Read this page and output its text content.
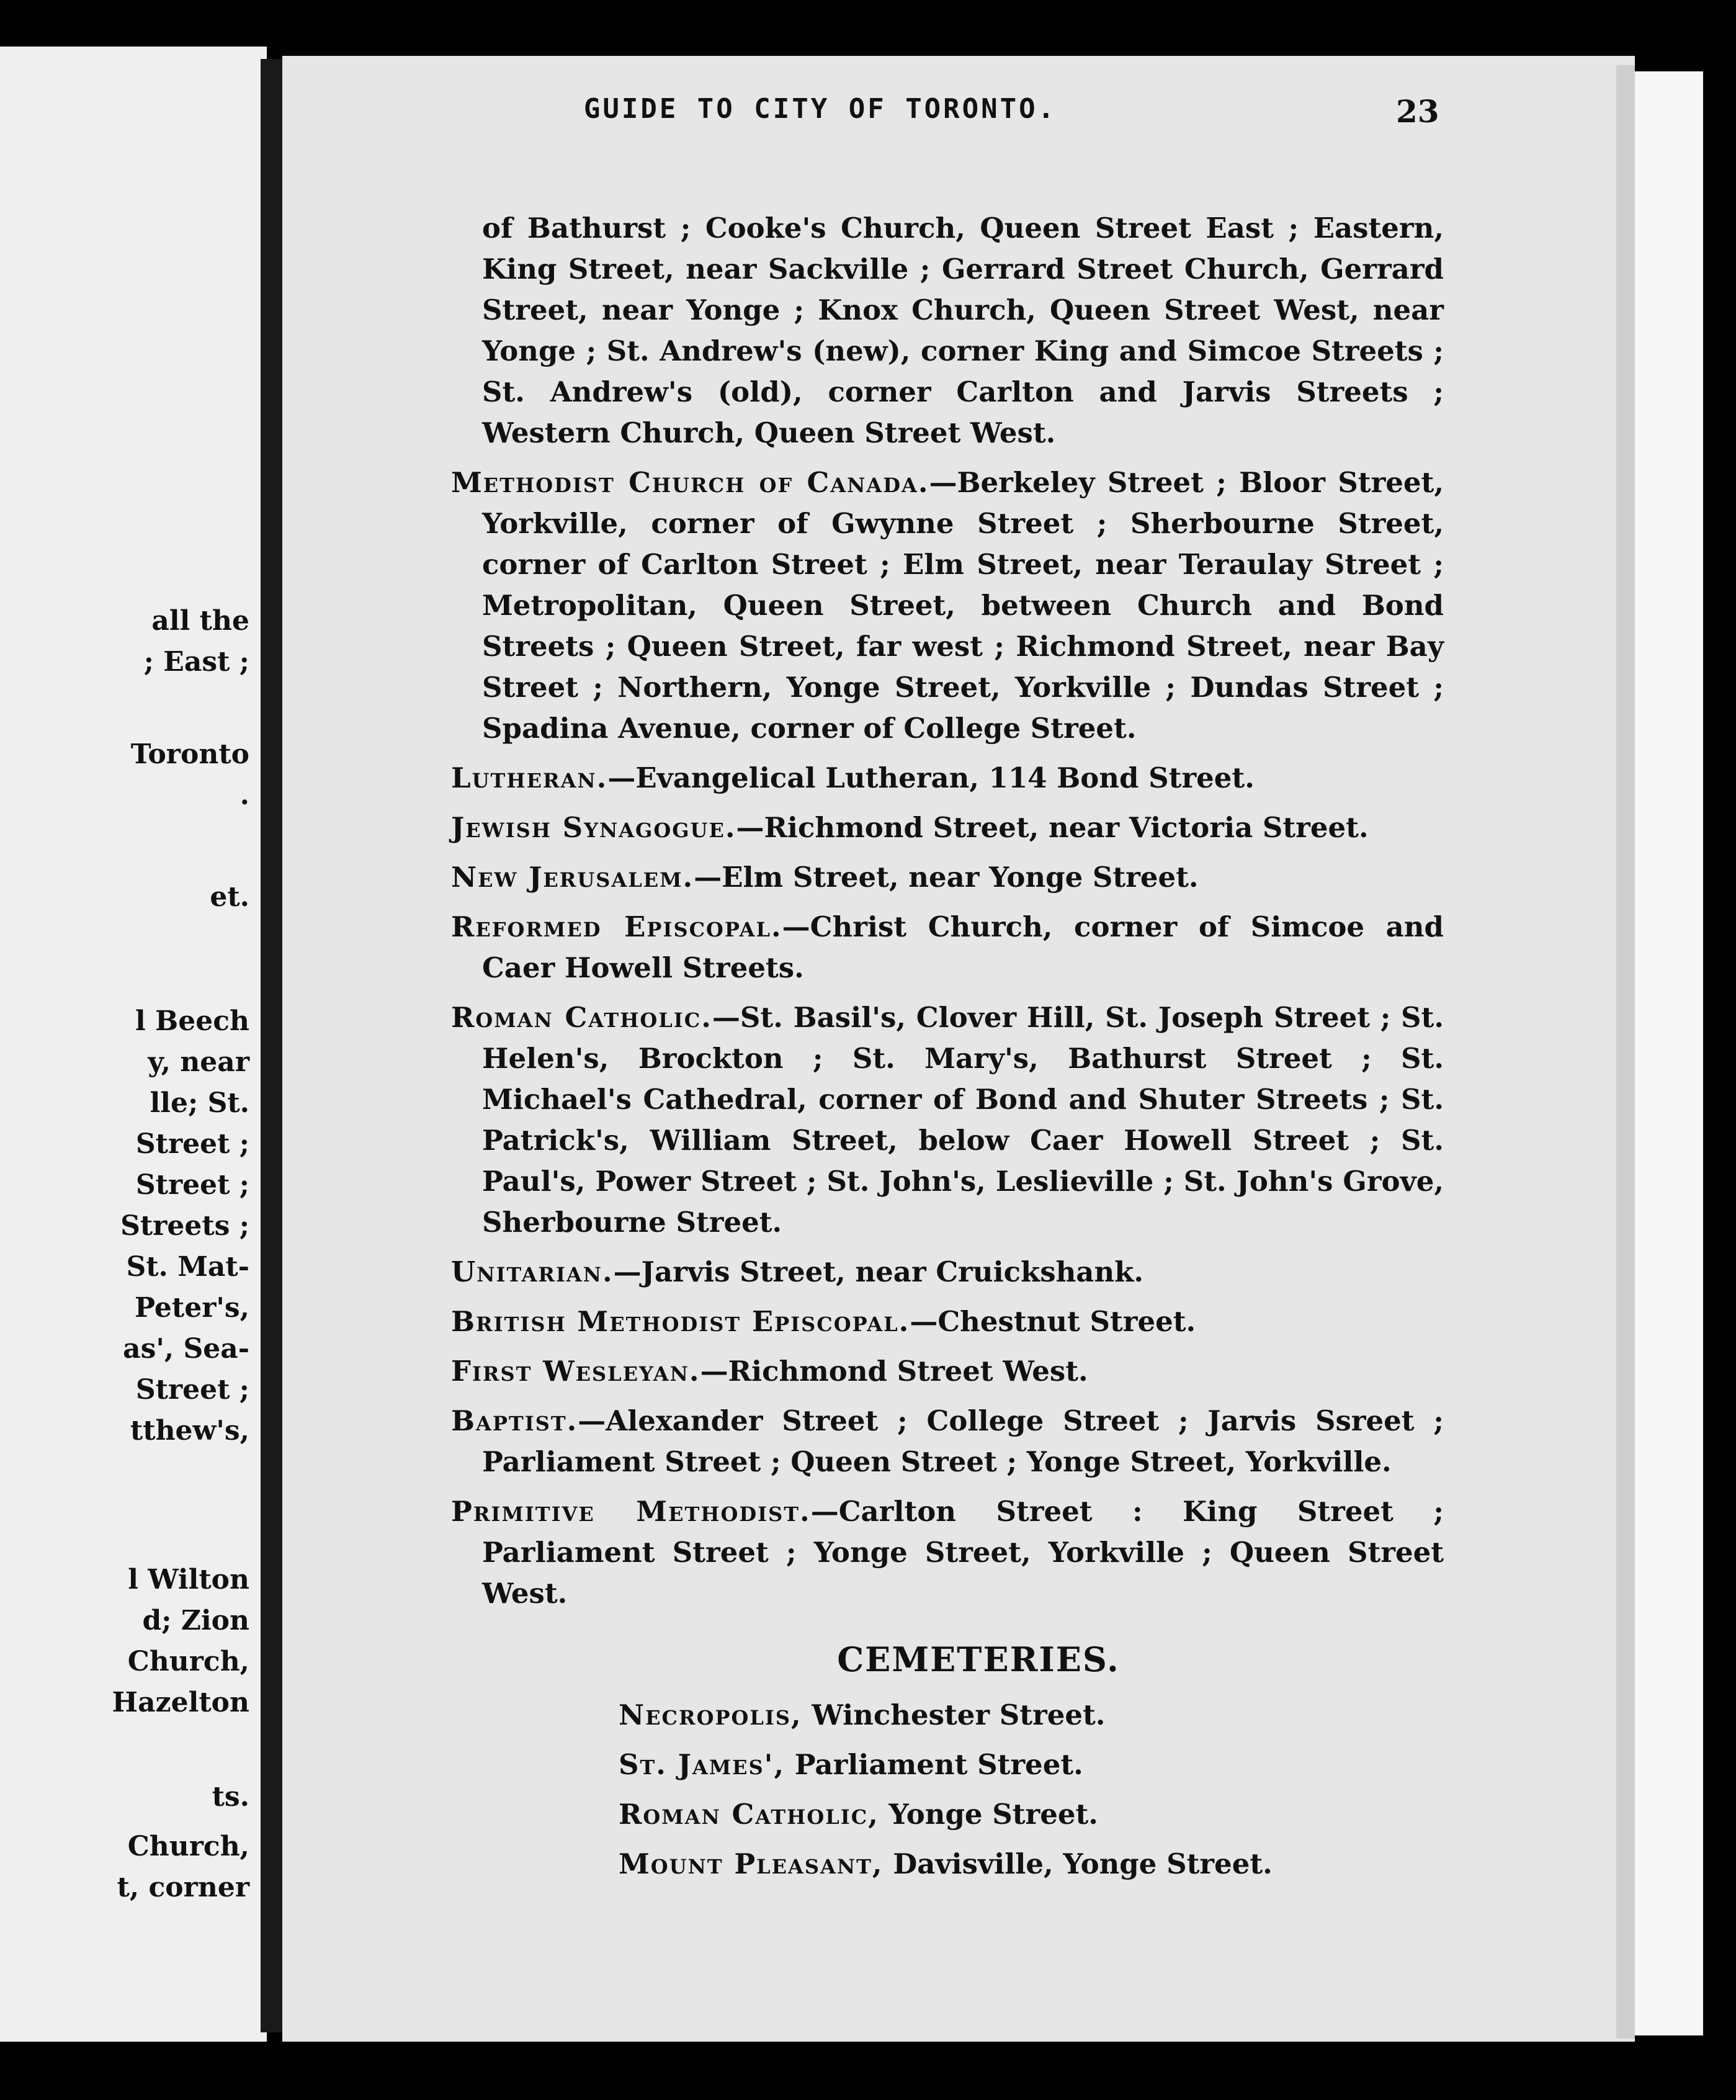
all the
; East ;
Toronto
.
et.
l Beech
y, near
lle; St.
Street ;
Street ;
Streets ;
St. Mat-
Peter's,
as', Sea-
Street ;
tthew's,
l Wilton
d; Zion
Church,
Hazelton
ts.
Church,
t, corner
GUIDE TO CITY OF TORONTO.	23
of Bathurst ; Cooke's Church, Queen Street East ; Eastern, King Street, near Sackville ; Gerrard Street Church, Gerrard Street, near Yonge ; Knox Church, Queen Street West, near Yonge ; St. Andrew's (new), corner King and Simcoe Streets ; St. Andrew's (old), corner Carlton and Jarvis Streets ; Western Church, Queen Street West.
Methodist Church of Canada.—Berkeley Street ; Bloor Street, Yorkville, corner of Gwynne Street ; Sherbourne Street, corner of Carlton Street ; Elm Street, near Teraulay Street ; Metropolitan, Queen Street, between Church and Bond Streets ; Queen Street, far west ; Richmond Street, near Bay Street ; Northern, Yonge Street, Yorkville ; Dundas Street ; Spadina Avenue, corner of College Street.
Lutheran.—Evangelical Lutheran, 114 Bond Street.
Jewish Synagogue.—Richmond Street, near Victoria Street.
New Jerusalem.—Elm Street, near Yonge Street.
Reformed Episcopal.—Christ Church, corner of Simcoe and Caer Howell Streets.
Roman Catholic.—St. Basil's, Clover Hill, St. Joseph Street ; St. Helen's, Brockton ; St. Mary's, Bathurst Street ; St. Michael's Cathedral, corner of Bond and Shuter Streets ; St. Patrick's, William Street, below Caer Howell Street ; St. Paul's, Power Street ; St. John's, Leslieville ; St. John's Grove, Sherbourne Street.
Unitarian.—Jarvis Street, near Cruickshank.
British Methodist Episcopal.—Chestnut Street.
First Wesleyan.—Richmond Street West.
Baptist.—Alexander Street ; College Street ; Jarvis Ssreet ; Parliament Street ; Queen Street ; Yonge Street, Yorkville.
Primitive Methodist.—Carlton Street : King Street ; Parliament Street ; Yonge Street, Yorkville ; Queen Street West.
CEMETERIES.
Necropolis, Winchester Street.
St. James', Parliament Street.
Roman Catholic, Yonge Street.
Mount Pleasant, Davisville, Yonge Street.
